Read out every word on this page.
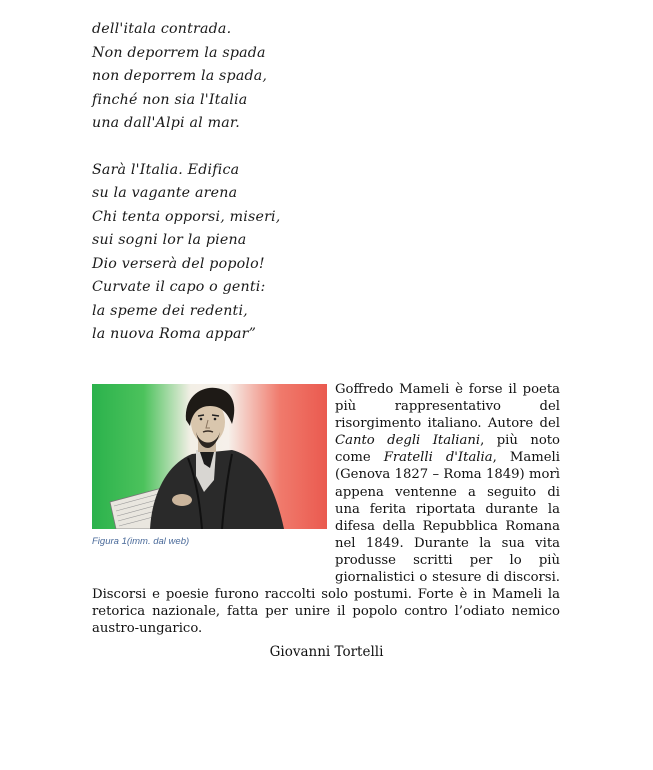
dell'itala contrada.
Non deporrem la spada
non deporrem la spada,
finché non sia l'Italia
una dall'Alpi al mar.
Sarà l'Italia. Edifica
su la vagante arena
Chi tenta opporsi, miseri,
sui sogni lor la piena
Dio verserà del popolo!
Curvate il capo o genti:
la speme dei redenti,
la nuova Roma appar”
Figura 1(imm. dal web)
Goffredo Mameli è forse il poeta più rappresentativo del risorgimento italiano. Autore del Canto degli Italiani, più noto come Fratelli d'Italia, Mameli (Genova 1827 – Roma 1849) morì appena ventenne a seguito di una ferita riportata durante la difesa della Repubblica Romana nel 1849. Durante la sua vita produsse scritti per lo più giornalistici o stesure di discorsi. Discorsi e poesie furono raccolti solo postumi. Forte è in Mameli la retorica nazionale, fatta per unire il popolo contro l’odiato nemico austro-ungarico.
Giovanni Tortelli
